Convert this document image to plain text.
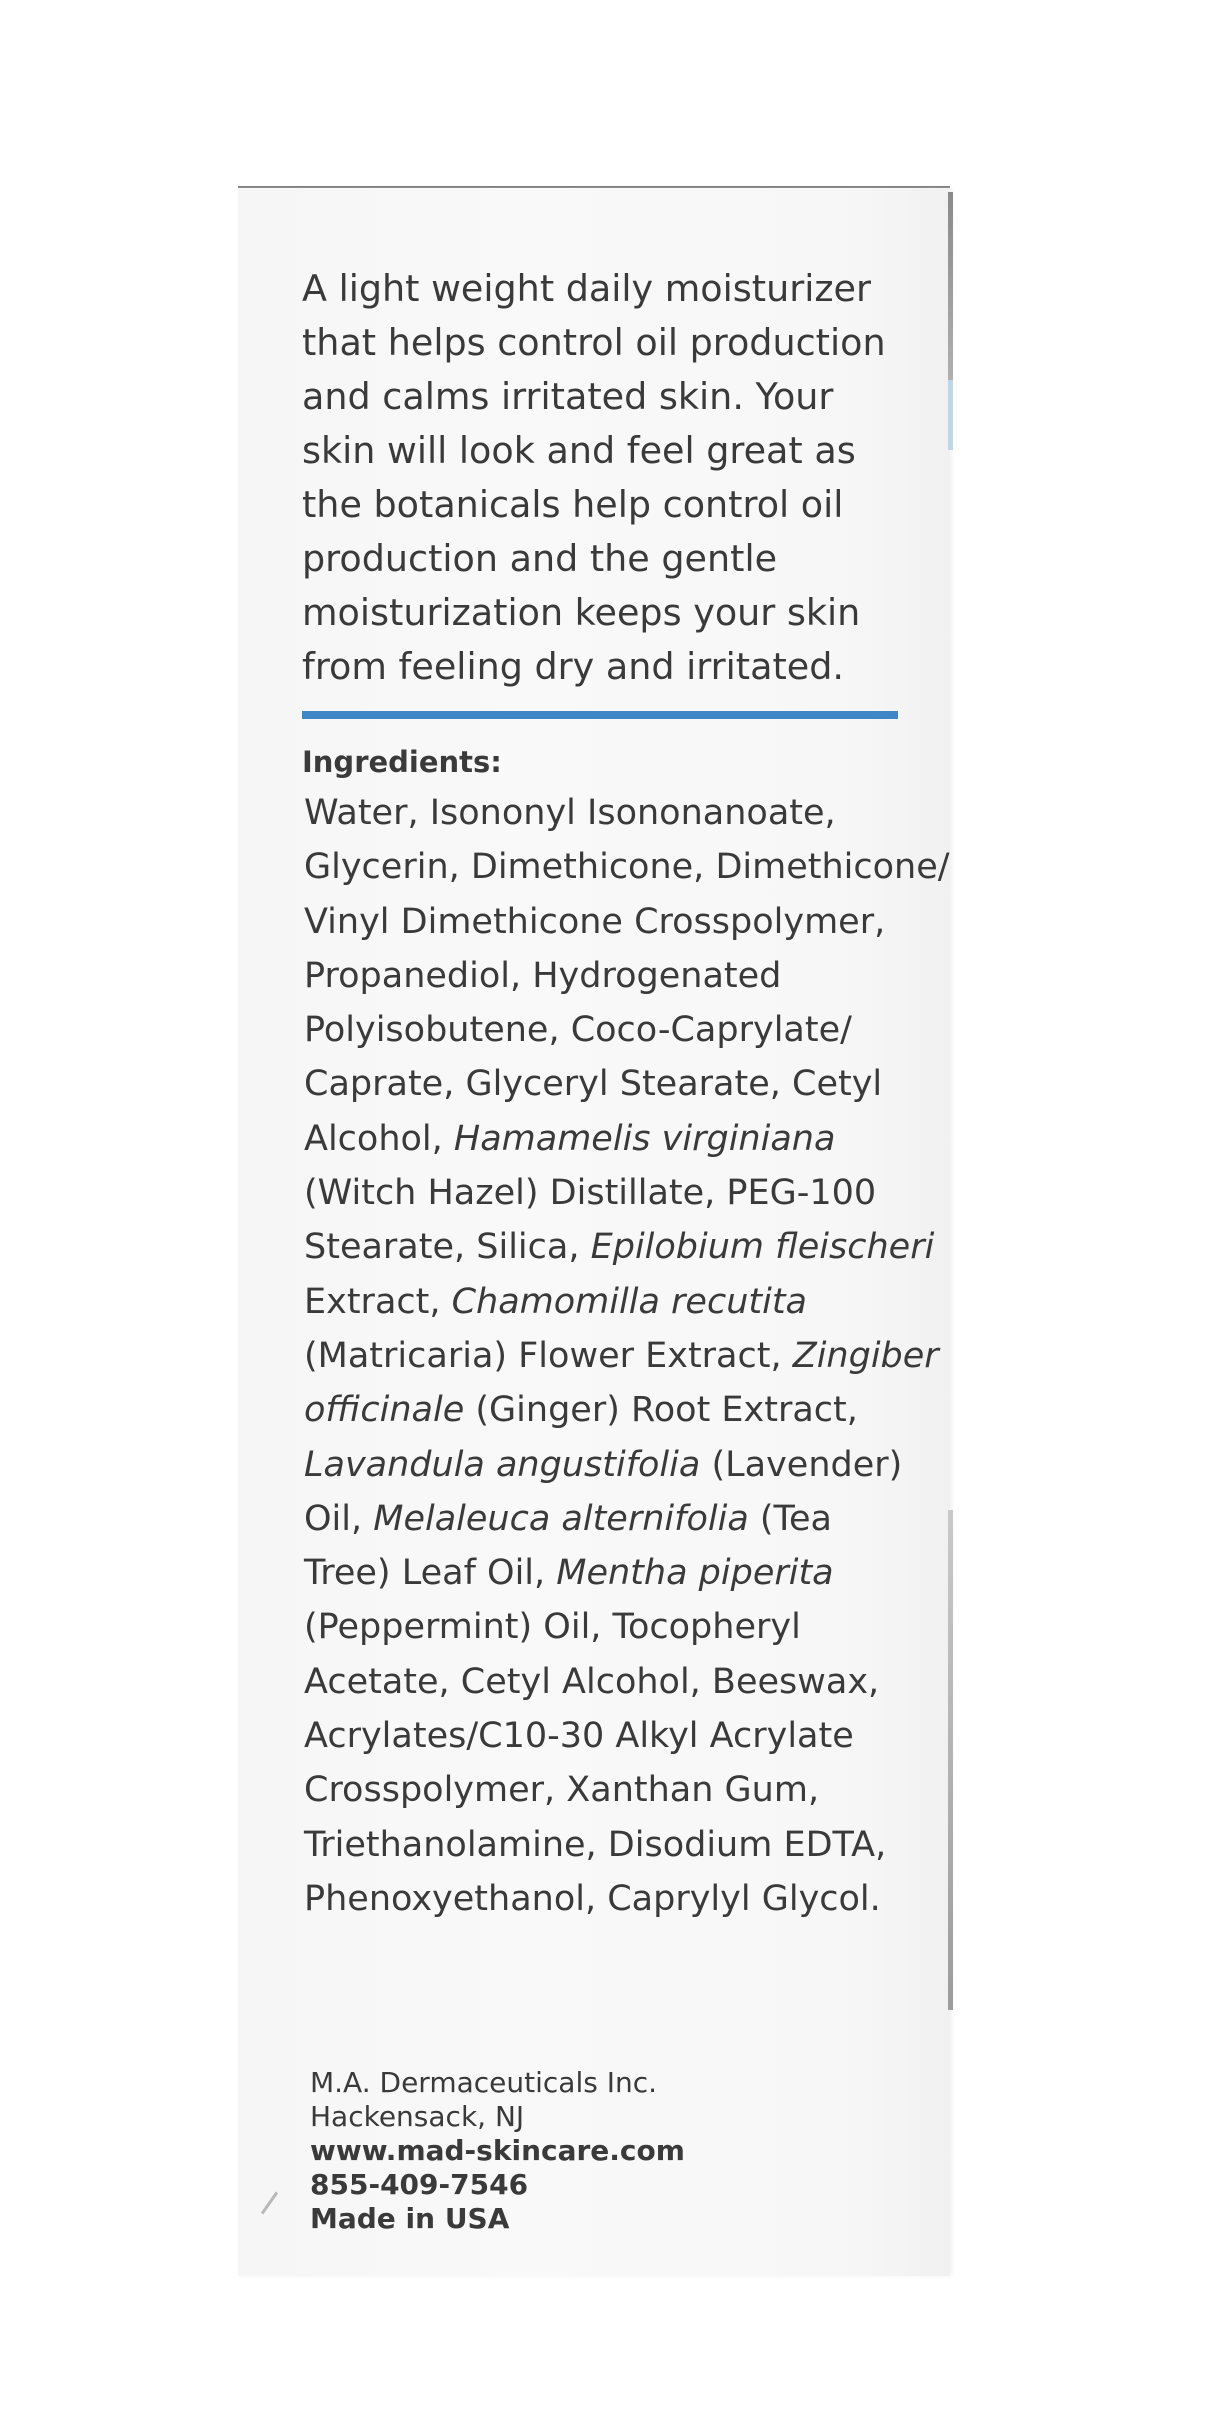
A light weight daily moisturizer
that helps control oil production
and calms irritated skin. Your
skin will look and feel great as
the botanicals help control oil
production and the gentle
moisturization keeps your skin
from feeling dry and irritated.
Ingredients:
Water, Isononyl Isononanoate,
Glycerin, Dimethicone, Dimethicone/
Vinyl Dimethicone Crosspolymer,
Propanediol, Hydrogenated
Polyisobutene, Coco-Caprylate/
Caprate, Glyceryl Stearate, Cetyl
Alcohol, Hamamelis virginiana
(Witch Hazel) Distillate, PEG-100
Stearate, Silica, Epilobium fleischeri
Extract, Chamomilla recutita
(Matricaria) Flower Extract, Zingiber
officinale (Ginger) Root Extract,
Lavandula angustifolia (Lavender)
Oil, Melaleuca alternifolia (Tea
Tree) Leaf Oil, Mentha piperita
(Peppermint) Oil, Tocopheryl
Acetate, Cetyl Alcohol, Beeswax,
Acrylates/C10-30 Alkyl Acrylate
Crosspolymer, Xanthan Gum,
Triethanolamine, Disodium EDTA,
Phenoxyethanol, Caprylyl Glycol.
M.A. Dermaceuticals Inc.
Hackensack, NJ
www.mad-skincare.com
855-409-7546
Made in USA
